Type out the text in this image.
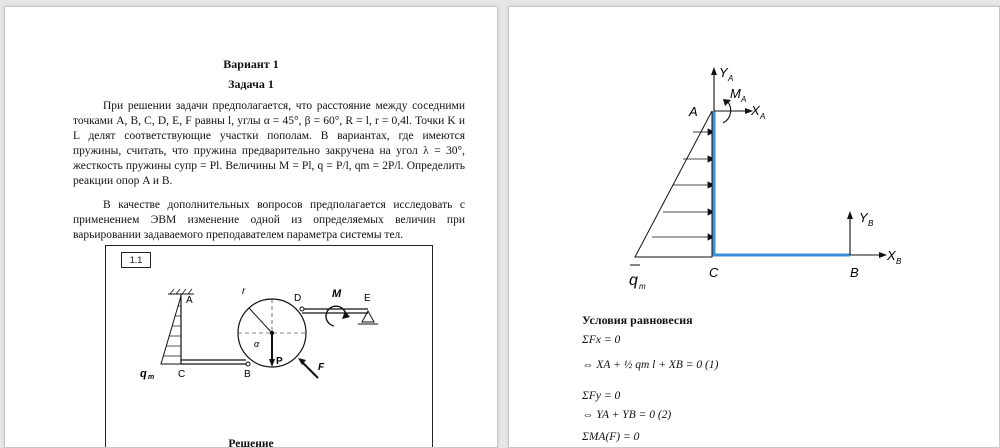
Вариант 1
Задача 1
При решении задачи предполагается, что расстояние между соседними точками A, B, C, D, E, F равны l, углы α = 45°, β = 60°, R = l, r = 0,4l. Точки K и L делят соответствующие участки пополам. В вариантах, где имеются пружины, считать, что пружина предварительно закручена на угол λ = 30°, жесткость пружины cупр = Pl. Величины M = Pl, q = P/l, qm = 2P/l. Определить реакции опор A и B.
В качестве дополнительных вопросов предполагается исследовать с применением ЭВМ изменение одной из определяемых величин при варьировании задаваемого преподавателем параметра системы тел.
1.1
A
C	B
D	E
r
α
P
M
F
q m
Решение
Y A
M A
X A
A
Y B
X B
C	B
q m
Условия равновесия
ΣFx = 0
⇔ XA + ½ qm l + XB = 0 (1)
ΣFy = 0
⇔ YA + YB = 0 (2)
ΣMA(F) = 0
